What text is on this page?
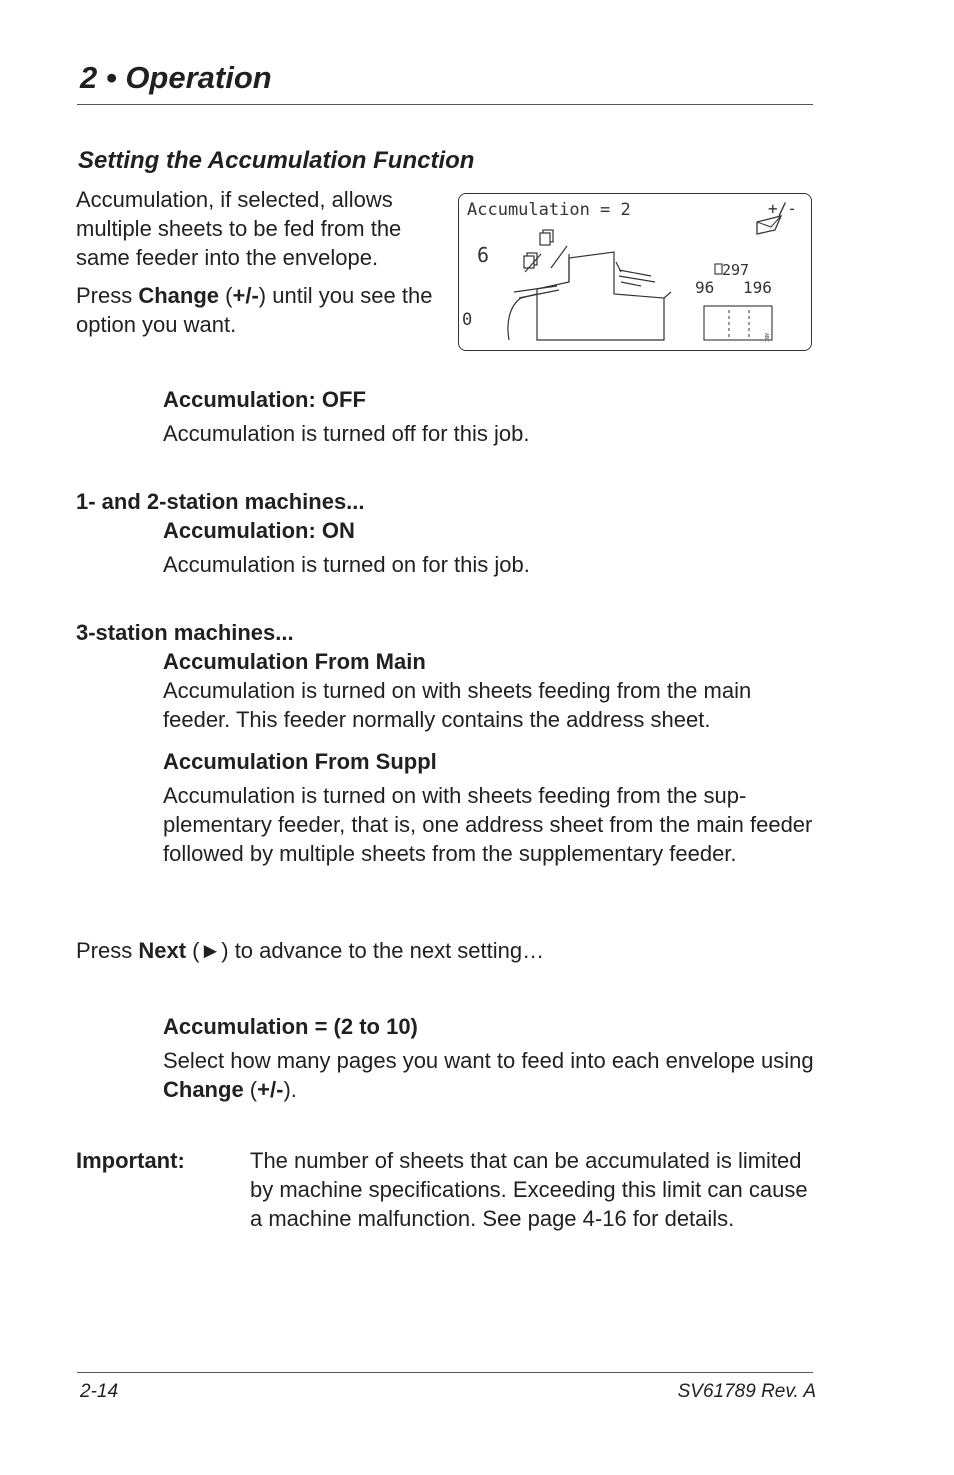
2 • Operation
Setting the Accumulation Function

Accumulation, if selected, allows multiple sheets to be fed from the same feeder into the envelope.

Press Change (+/-) until you see the option you want.

Accumulation = 2	+/-
6
0
297
96 196
ABC

Accumulation: OFF

Accumulation is turned off for this job.

1- and 2-station machines...

Accumulation: ON

Accumulation is turned on for this job.

3-station machines...

Accumulation From Main

Accumulation is turned on with sheets feeding from the main feeder. This feeder normally contains the address sheet.

Accumulation From Suppl

Accumulation is turned on with sheets feeding from the sup-plementary feeder, that is, one address sheet from the main feeder followed by multiple sheets from the supplementary feeder.

Press Next (►) to advance to the next setting…

Accumulation = (2 to 10)

Select how many pages you want to feed into each envelope using Change (+/-).

Important:	The number of sheets that can be accumulated is limited by machine specifications. Exceeding this limit can cause a machine malfunction. See page 4-16 for details.

2-14	SV61789 Rev. A
